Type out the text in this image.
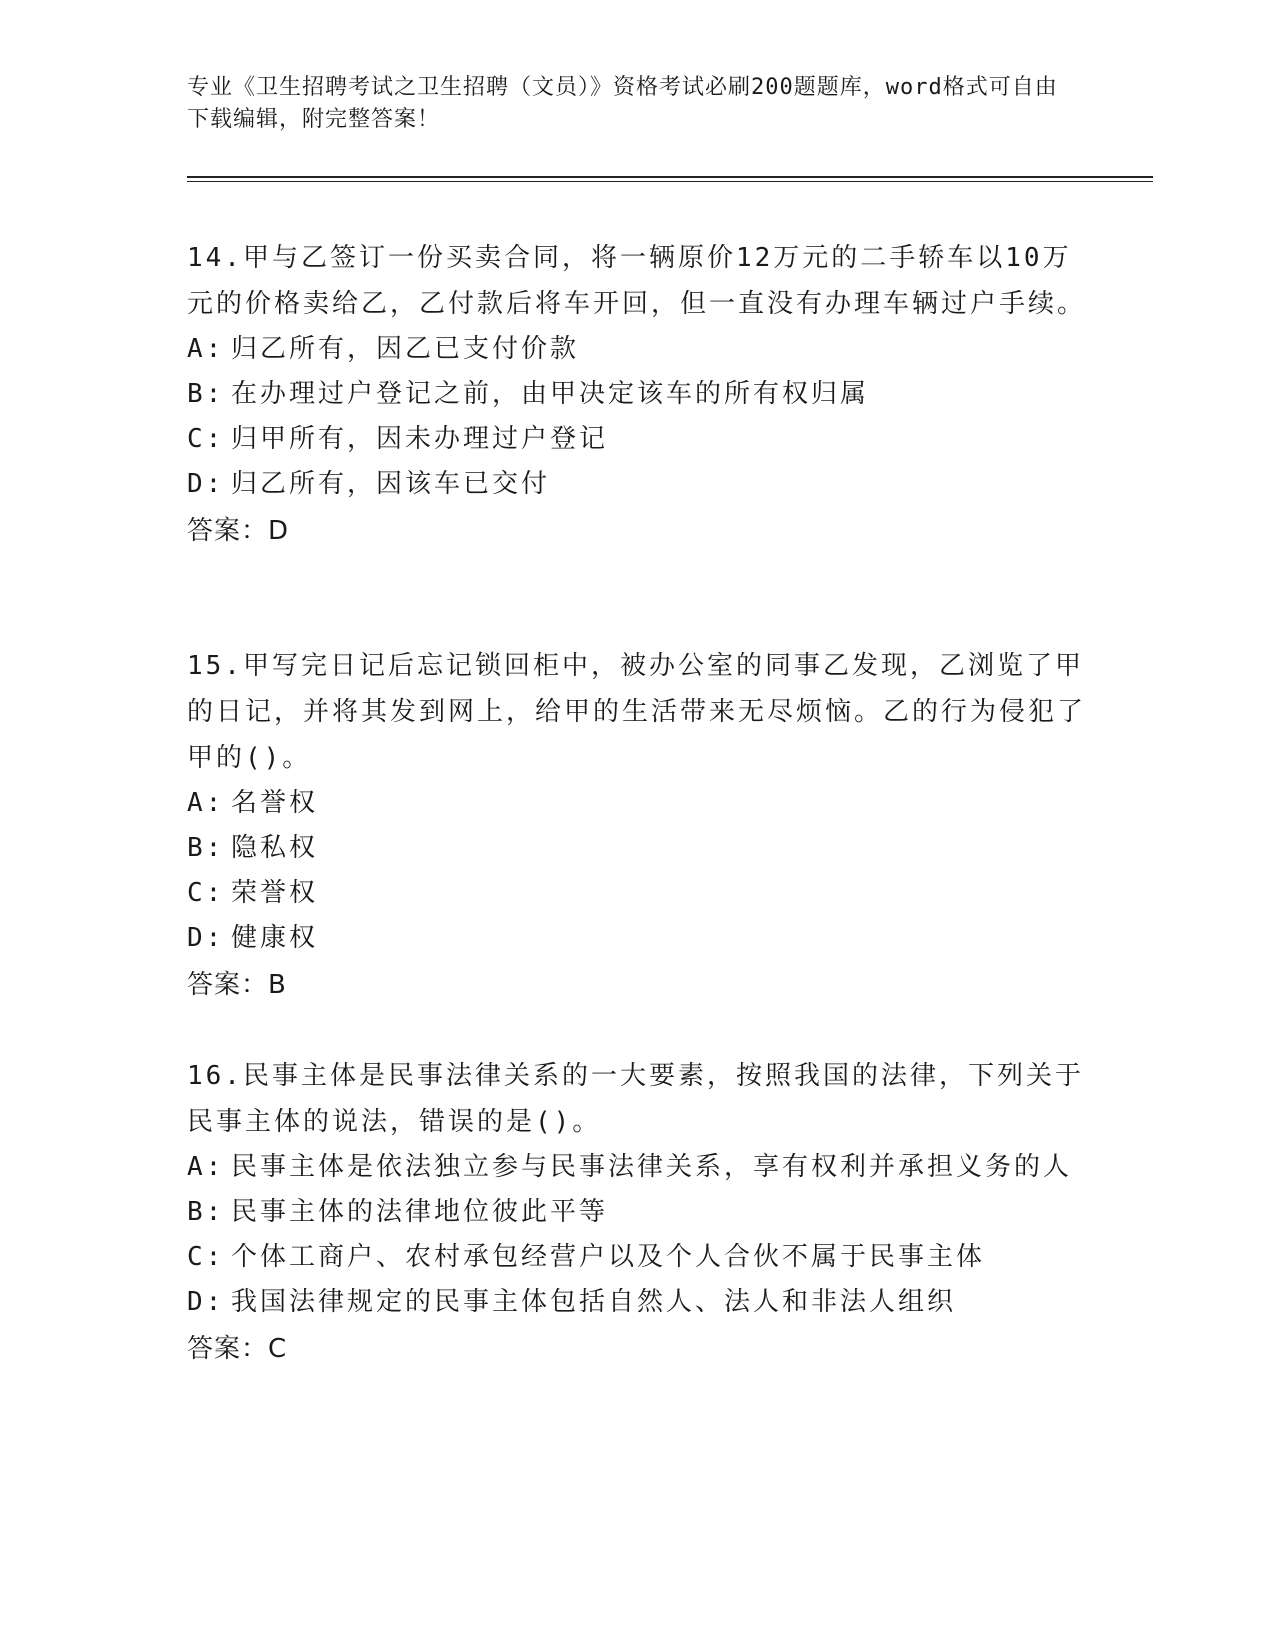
专业《卫生招聘考试之卫生招聘（文员）》资格考试必刷200题题库，word格式可自由下载编辑，附完整答案！

14.甲与乙签订一份买卖合同，将一辆原价12万元的二手轿车以10万元的价格卖给乙，乙付款后将车开回，但一直没有办理车辆过户手续。

A: 归乙所有，因乙已支付价款

B: 在办理过户登记之前，由甲决定该车的所有权归属

C: 归甲所有，因未办理过户登记

D: 归乙所有，因该车已交付

答案：D

15.甲写完日记后忘记锁回柜中，被办公室的同事乙发现，乙浏览了甲的日记，并将其发到网上，给甲的生活带来无尽烦恼。乙的行为侵犯了甲的()。

A: 名誉权

B: 隐私权

C: 荣誉权

D: 健康权

答案：B

16.民事主体是民事法律关系的一大要素，按照我国的法律，下列关于民事主体的说法，错误的是()。

A: 民事主体是依法独立参与民事法律关系，享有权利并承担义务的人

B: 民事主体的法律地位彼此平等

C: 个体工商户、农村承包经营户以及个人合伙不属于民事主体

D: 我国法律规定的民事主体包括自然人、法人和非法人组织

答案：C
